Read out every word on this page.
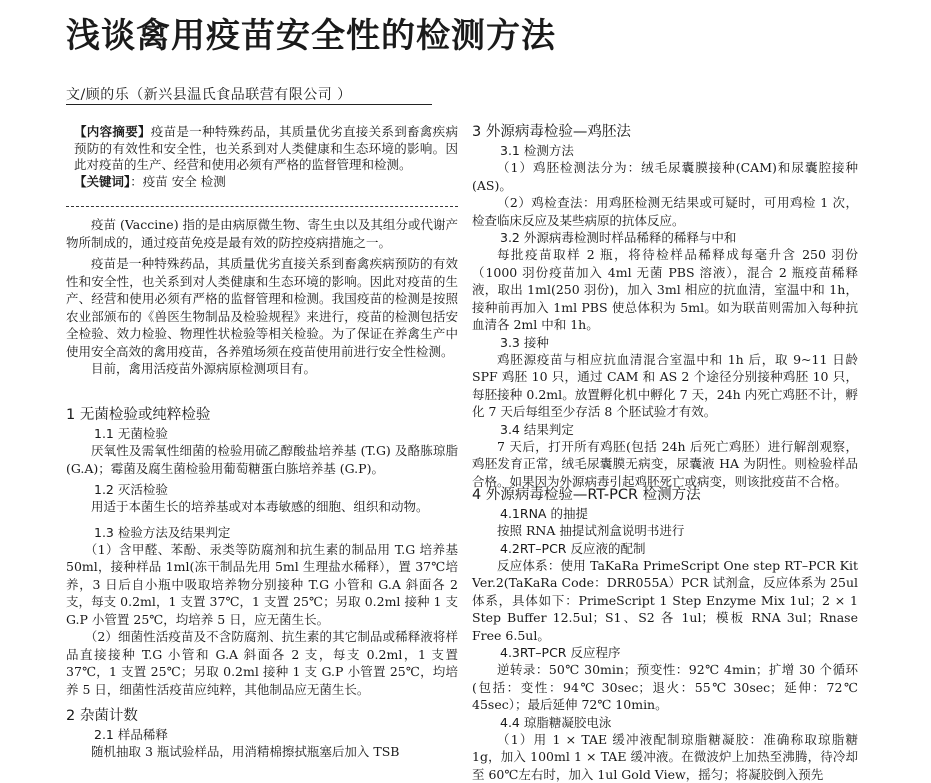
浅谈禽用疫苗安全性的检测方法
文/顾的乐（新兴县温氏食品联营有限公司 ）

【内容摘要】疫苗是一种特殊药品，其质量优劣直接关系到畜禽疾病预防的有效性和安全性，也关系到对人类健康和生态环境的影响。因此对疫苗的生产、经营和使用必须有严格的监督管理和检测。

【关键词】：疫苗 安全 检测

疫苗 (Vaccine) 指的是由病原微生物、寄生虫以及其组分或代谢产物所制成的，通过疫苗免疫是最有效的防控疫病措施之一。

疫苗是一种特殊药品，其质量优劣直接关系到畜禽疾病预防的有效性和安全性，也关系到对人类健康和生态环境的影响。因此对疫苗的生产、经营和使用必须有严格的监督管理和检测。我国疫苗的检测是按照农业部颁布的《兽医生物制品及检验规程》来进行，疫苗的检测包括安全检验、效力检验、物理性状检验等相关检验。为了保证在养禽生产中使用安全高效的禽用疫苗，各养殖场须在疫苗使用前进行安全性检测。

目前，禽用活疫苗外源病原检测项目有。

1 无菌检验或纯粹检验

1.1 无菌检验

厌氧性及需氧性细菌的检验用硫乙醇酸盐培养基 (T.G) 及酪胨琼脂(G.A)；霉菌及腐生菌检验用葡萄糖蛋白胨培养基 (G.P)。

1.2 灭活检验

用适于本菌生长的培养基或对本毒敏感的细胞、组织和动物。

1.3 检验方法及结果判定

（1）含甲醛、苯酚、汞类等防腐剂和抗生素的制品用 T.G 培养基 50ml，接种样品 1ml(冻干制品先用 5ml 生理盐水稀释），置 37℃培养，3 日后自小瓶中吸取培养物分别接种 T.G 小管和 G.A 斜面各 2 支，每支 0.2ml，1 支置 37℃，1 支置 25℃；另取 0.2ml 接种 1 支 G.P 小管置 25℃，均培养 5 日，应无菌生长。

（2）细菌性活疫苗及不含防腐剂、抗生素的其它制品或稀释液将样品直接接种 T.G 小管和 G.A 斜面各 2 支，每支 0.2ml，1 支置 37℃，1 支置 25℃；另取 0.2ml 接种 1 支 G.P 小管置 25℃，均培养 5 日，细菌性活疫苗应纯粹，其他制品应无菌生长。

2 杂菌计数

2.1 样品稀释

随机抽取 3 瓶试验样品，用消精棉擦拭瓶塞后加入 TSB

3 外源病毒检验—鸡胚法

3.1 检测方法

（1）鸡胚检测法分为：绒毛尿囊膜接种(CAM)和尿囊腔接种 (AS)。

（2）鸡检查法：用鸡胚检测无结果或可疑时，可用鸡检 1 次，检查临床反应及某些病原的抗体反应。

3.2 外源病毒检测时样品稀释的稀释与中和

每批疫苗取样 2 瓶，将待检样品稀释成每毫升含 250 羽份（1000 羽份疫苗加入 4ml 无菌 PBS 溶液），混合 2 瓶疫苗稀释液，取出 1ml(250 羽份)，加入 3ml 相应的抗血清，室温中和 1h，接种前再加入 1ml PBS 使总体积为 5ml。如为联苗则需加入每种抗血清各 2ml 中和 1h。

3.3 接种

鸡胚源疫苗与相应抗血清混合室温中和 1h 后，取 9~11 日龄 SPF 鸡胚 10 只，通过 CAM 和 AS 2 个途径分别接种鸡胚 10 只，每胚接种 0.2ml。放置孵化机中孵化 7 天，24h 内死亡鸡胚不计，孵化 7 天后每组至少存活 8 个胚试验才有效。

3.4 结果判定

7 天后，打开所有鸡胚(包括 24h 后死亡鸡胚）进行解剖观察，鸡胚发育正常，绒毛尿囊膜无病变，尿囊液 HA 为阴性。则检验样品合格。如果因为外源病毒引起鸡胚死亡或病变，则该批疫苗不合格。

4 外源病毒检验—RT-PCR 检测方法

4.1RNA 的抽提

按照 RNA 抽提试剂盒说明书进行

4.2RT–PCR 反应液的配制

反应体系：使用 TaKaRa PrimeScript One step RT–PCR Kit Ver.2(TaKaRa Code：DRR055A）PCR 试剂盒，反应体系为 25ul 体系，具体如下：PrimeScript 1 Step Enzyme Mix 1ul；2 × 1 Step Buffer 12.5ul；S1、S2 各 1ul；模板 RNA 3ul；Rnase Free 6.5ul。

4.3RT–PCR 反应程序

逆转录：50℃ 30min；预变性：92℃ 4min；扩增 30 个循环(包括：变性：94℃ 30sec；退火：55℃ 30sec；延伸：72℃ 45sec）；最后延伸 72℃ 10min。

4.4 琼脂糖凝胶电泳

（1）用 1 × TAE 缓冲液配制琼脂糖凝胶：准确称取琼脂糖 1g，加入 100ml 1 × TAE 缓冲液。在微波炉上加热至沸腾，待冷却至 60℃左右时，加入 1ul Gold View，摇匀；将凝胶倒入预先
